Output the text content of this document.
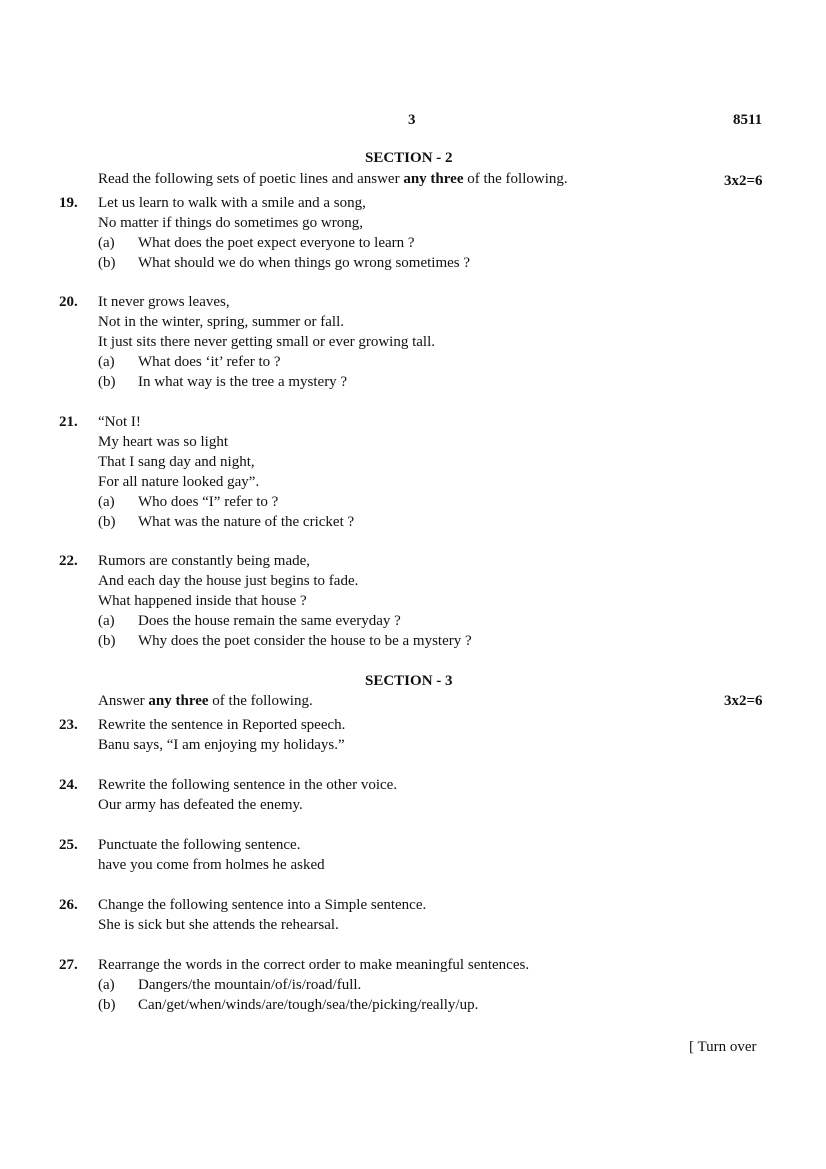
3	8511
SECTION - 2
Read the following sets of poetic lines and answer any three of the following.	3x2=6
19. Let us learn to walk with a smile and a song,
No matter if things do sometimes go wrong,
(a) What does the poet expect everyone to learn ?
(b) What should we do when things go wrong sometimes ?
20. It never grows leaves,
Not in the winter, spring, summer or fall.
It just sits there never getting small or ever growing tall.
(a) What does ‘it’ refer to ?
(b) In what way is the tree a mystery ?
21. “Not I!
My heart was so light
That I sang day and night,
For all nature looked gay”.
(a) Who does “I” refer to ?
(b) What was the nature of the cricket ?
22. Rumors are constantly being made,
And each day the house just begins to fade.
What happened inside that house ?
(a) Does the house remain the same everyday ?
(b) Why does the poet consider the house to be a mystery ?
SECTION - 3
Answer any three of the following.	3x2=6
23. Rewrite the sentence in Reported speech.
Banu says, “I am enjoying my holidays.”
24. Rewrite the following sentence in the other voice.
Our army has defeated the enemy.
25. Punctuate the following sentence.
have you come from holmes he asked
26. Change the following sentence into a Simple sentence.
She is sick but she attends the rehearsal.
27. Rearrange the words in the correct order to make meaningful sentences.
(a) Dangers/the mountain/of/is/road/full.
(b) Can/get/when/winds/are/tough/sea/the/picking/really/up.
[ Turn over
